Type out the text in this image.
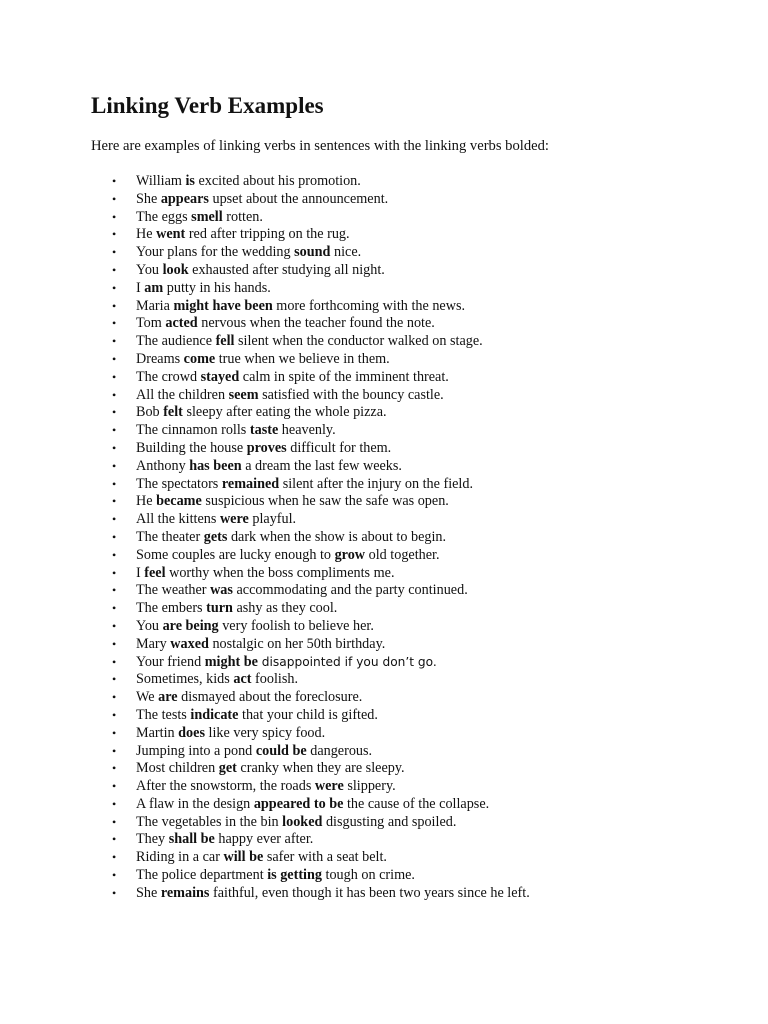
Linking Verb Examples

Here are examples of linking verbs in sentences with the linking verbs bolded:

• William is excited about his promotion.
• She appears upset about the announcement.
• The eggs smell rotten.
• He went red after tripping on the rug.
• Your plans for the wedding sound nice.
• You look exhausted after studying all night.
• I am putty in his hands.
• Maria might have been more forthcoming with the news.
• Tom acted nervous when the teacher found the note.
• The audience fell silent when the conductor walked on stage.
• Dreams come true when we believe in them.
• The crowd stayed calm in spite of the imminent threat.
• All the children seem satisfied with the bouncy castle.
• Bob felt sleepy after eating the whole pizza.
• The cinnamon rolls taste heavenly.
• Building the house proves difficult for them.
• Anthony has been a dream the last few weeks.
• The spectators remained silent after the injury on the field.
• He became suspicious when he saw the safe was open.
• All the kittens were playful.
• The theater gets dark when the show is about to begin.
• Some couples are lucky enough to grow old together.
• I feel worthy when the boss compliments me.
• The weather was accommodating and the party continued.
• The embers turn ashy as they cool.
• You are being very foolish to believe her.
• Mary waxed nostalgic on her 50th birthday.
• Your friend might be disappointed if you don’t go.
• Sometimes, kids act foolish.
• We are dismayed about the foreclosure.
• The tests indicate that your child is gifted.
• Martin does like very spicy food.
• Jumping into a pond could be dangerous.
• Most children get cranky when they are sleepy.
• After the snowstorm, the roads were slippery.
• A flaw in the design appeared to be the cause of the collapse.
• The vegetables in the bin looked disgusting and spoiled.
• They shall be happy ever after.
• Riding in a car will be safer with a seat belt.
• The police department is getting tough on crime.
• She remains faithful, even though it has been two years since he left.
